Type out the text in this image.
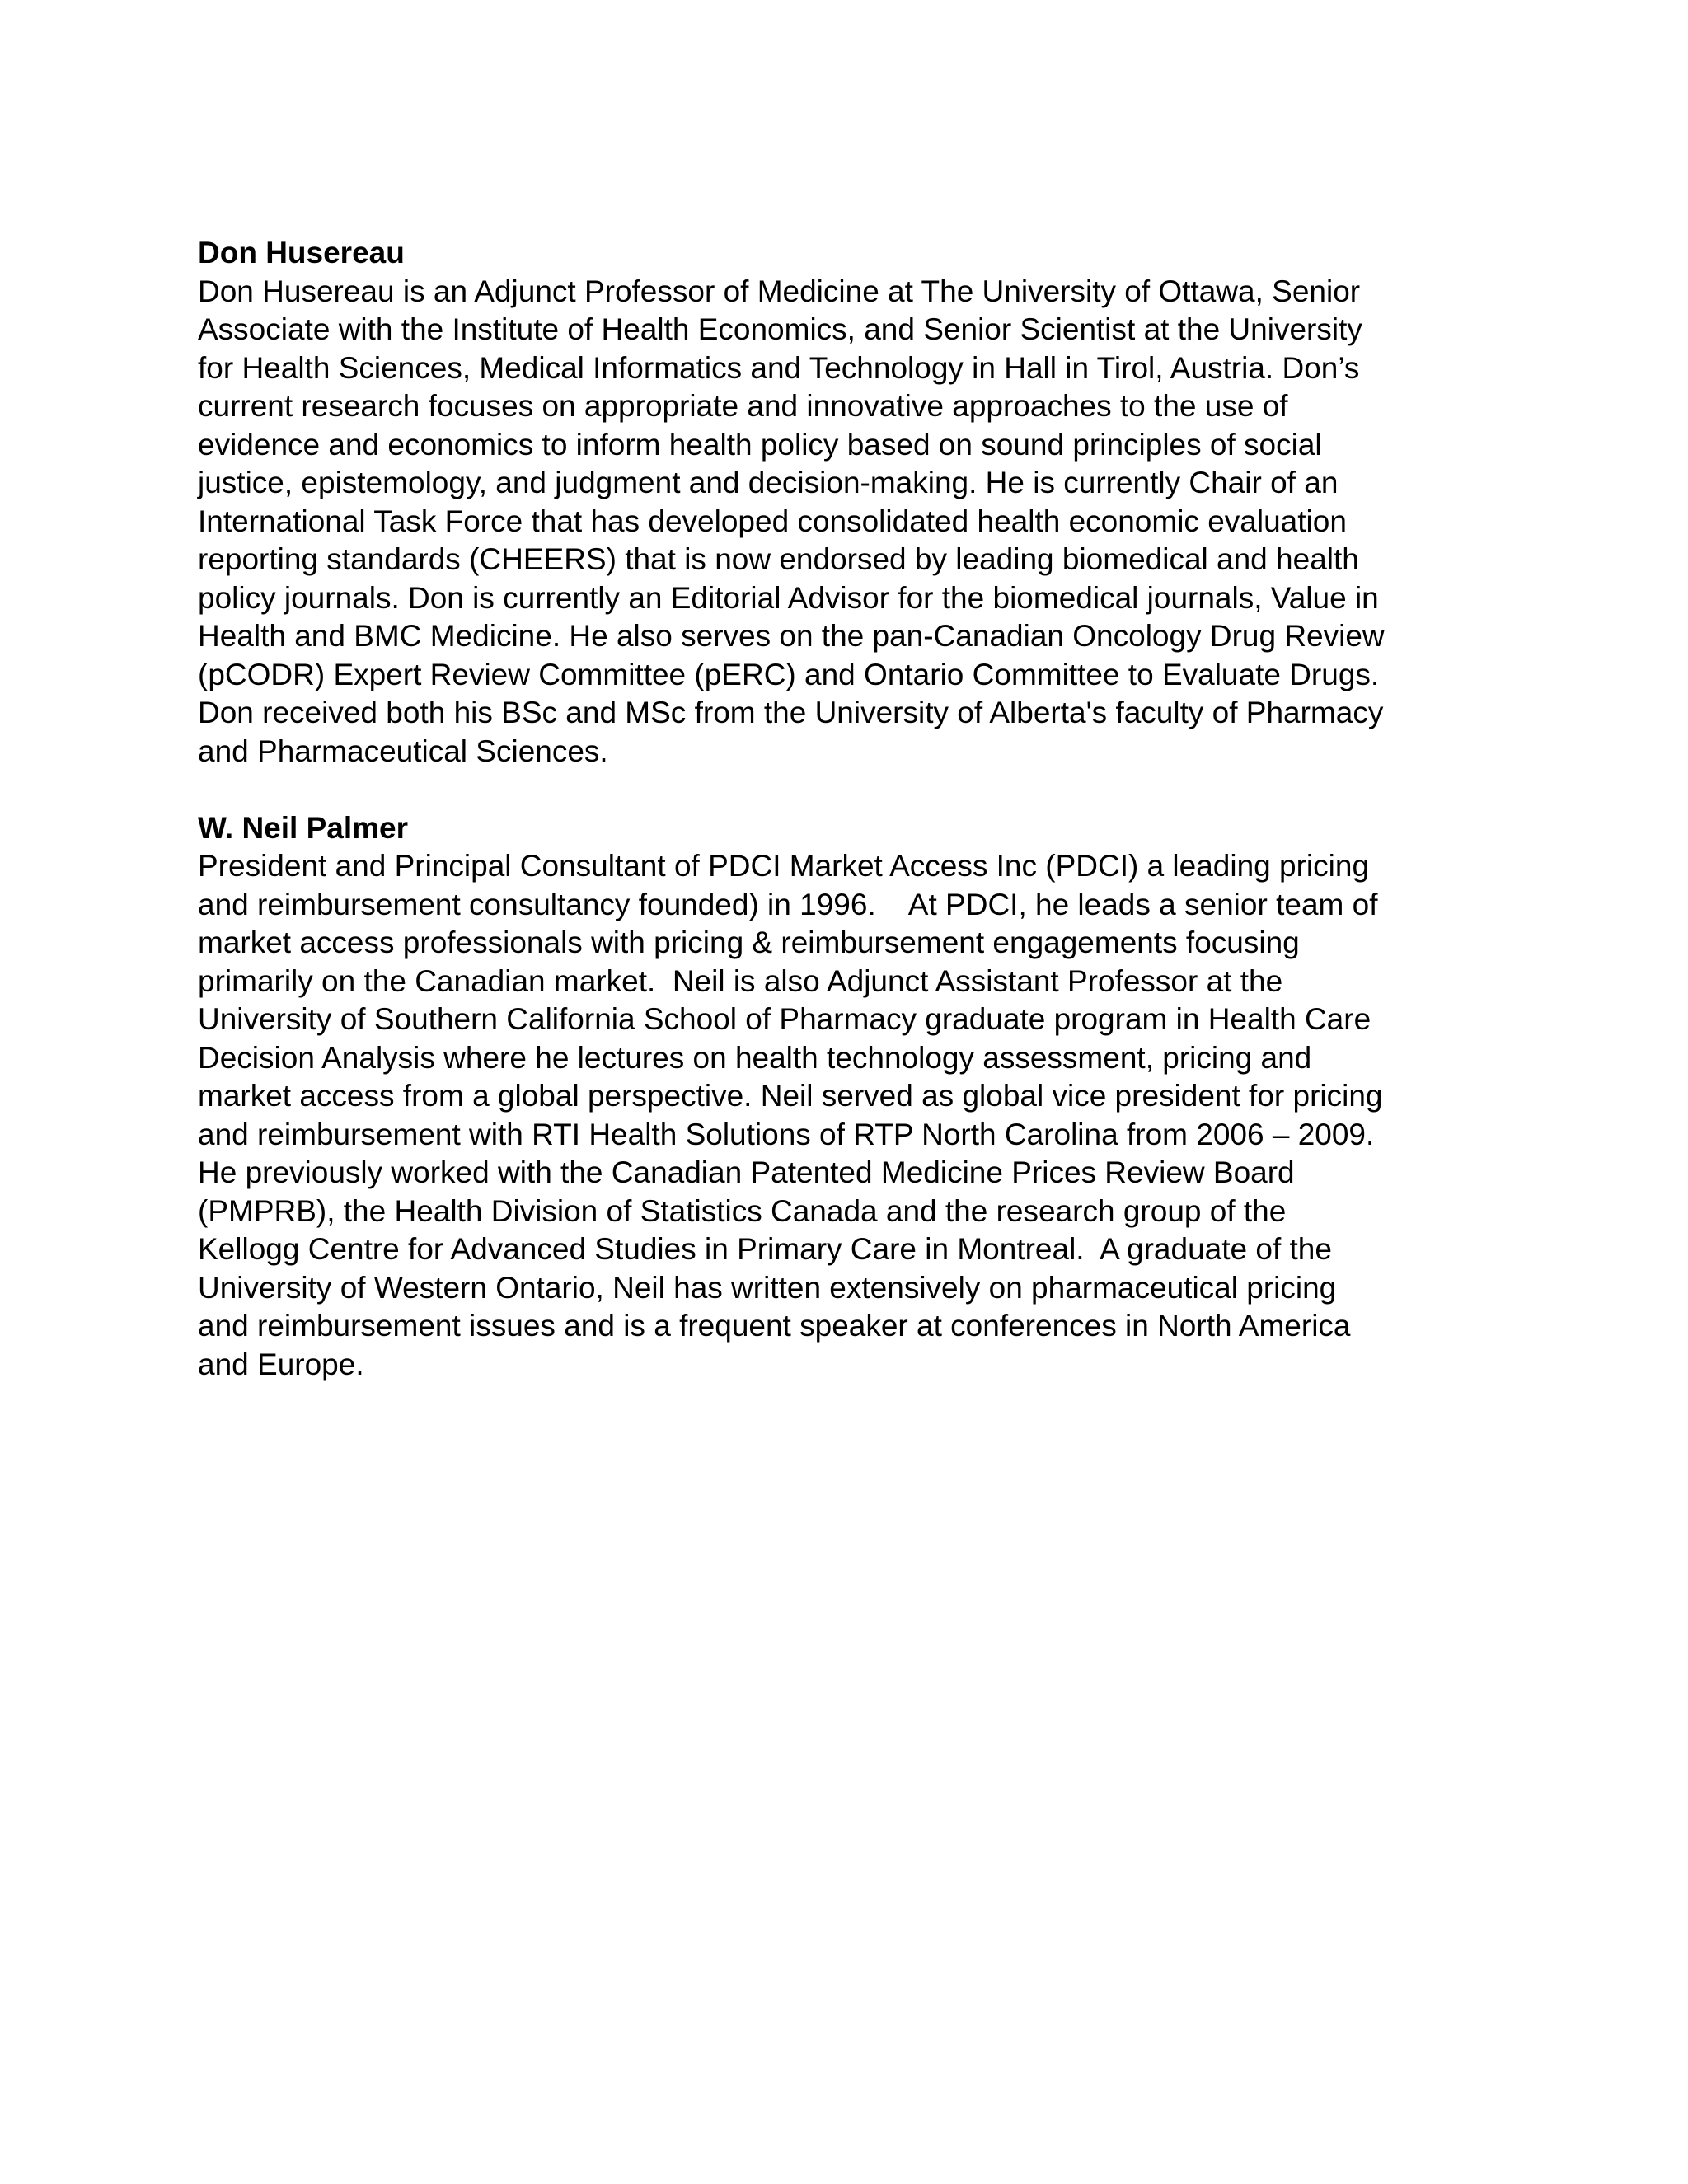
Don Husereau

Don Husereau is an Adjunct Professor of Medicine at The University of Ottawa, Senior
Associate with the Institute of Health Economics, and Senior Scientist at the University
for Health Sciences, Medical Informatics and Technology in Hall in Tirol, Austria. Don’s
current research focuses on appropriate and innovative approaches to the use of
evidence and economics to inform health policy based on sound principles of social
justice, epistemology, and judgment and decision-making. He is currently Chair of an
International Task Force that has developed consolidated health economic evaluation
reporting standards (CHEERS) that is now endorsed by leading biomedical and health
policy journals. Don is currently an Editorial Advisor for the biomedical journals, Value in
Health and BMC Medicine. He also serves on the pan-Canadian Oncology Drug Review
(pCODR) Expert Review Committee (pERC) and Ontario Committee to Evaluate Drugs.
Don received both his BSc and MSc from the University of Alberta's faculty of Pharmacy
and Pharmaceutical Sciences.

W. Neil Palmer

President and Principal Consultant of PDCI Market Access Inc (PDCI) a leading pricing
and reimbursement consultancy founded) in 1996.    At PDCI, he leads a senior team of
market access professionals with pricing & reimbursement engagements focusing
primarily on the Canadian market.  Neil is also Adjunct Assistant Professor at the
University of Southern California School of Pharmacy graduate program in Health Care
Decision Analysis where he lectures on health technology assessment, pricing and
market access from a global perspective. Neil served as global vice president for pricing
and reimbursement with RTI Health Solutions of RTP North Carolina from 2006 – 2009.
He previously worked with the Canadian Patented Medicine Prices Review Board
(PMPRB), the Health Division of Statistics Canada and the research group of the
Kellogg Centre for Advanced Studies in Primary Care in Montreal.  A graduate of the
University of Western Ontario, Neil has written extensively on pharmaceutical pricing
and reimbursement issues and is a frequent speaker at conferences in North America
and Europe.
